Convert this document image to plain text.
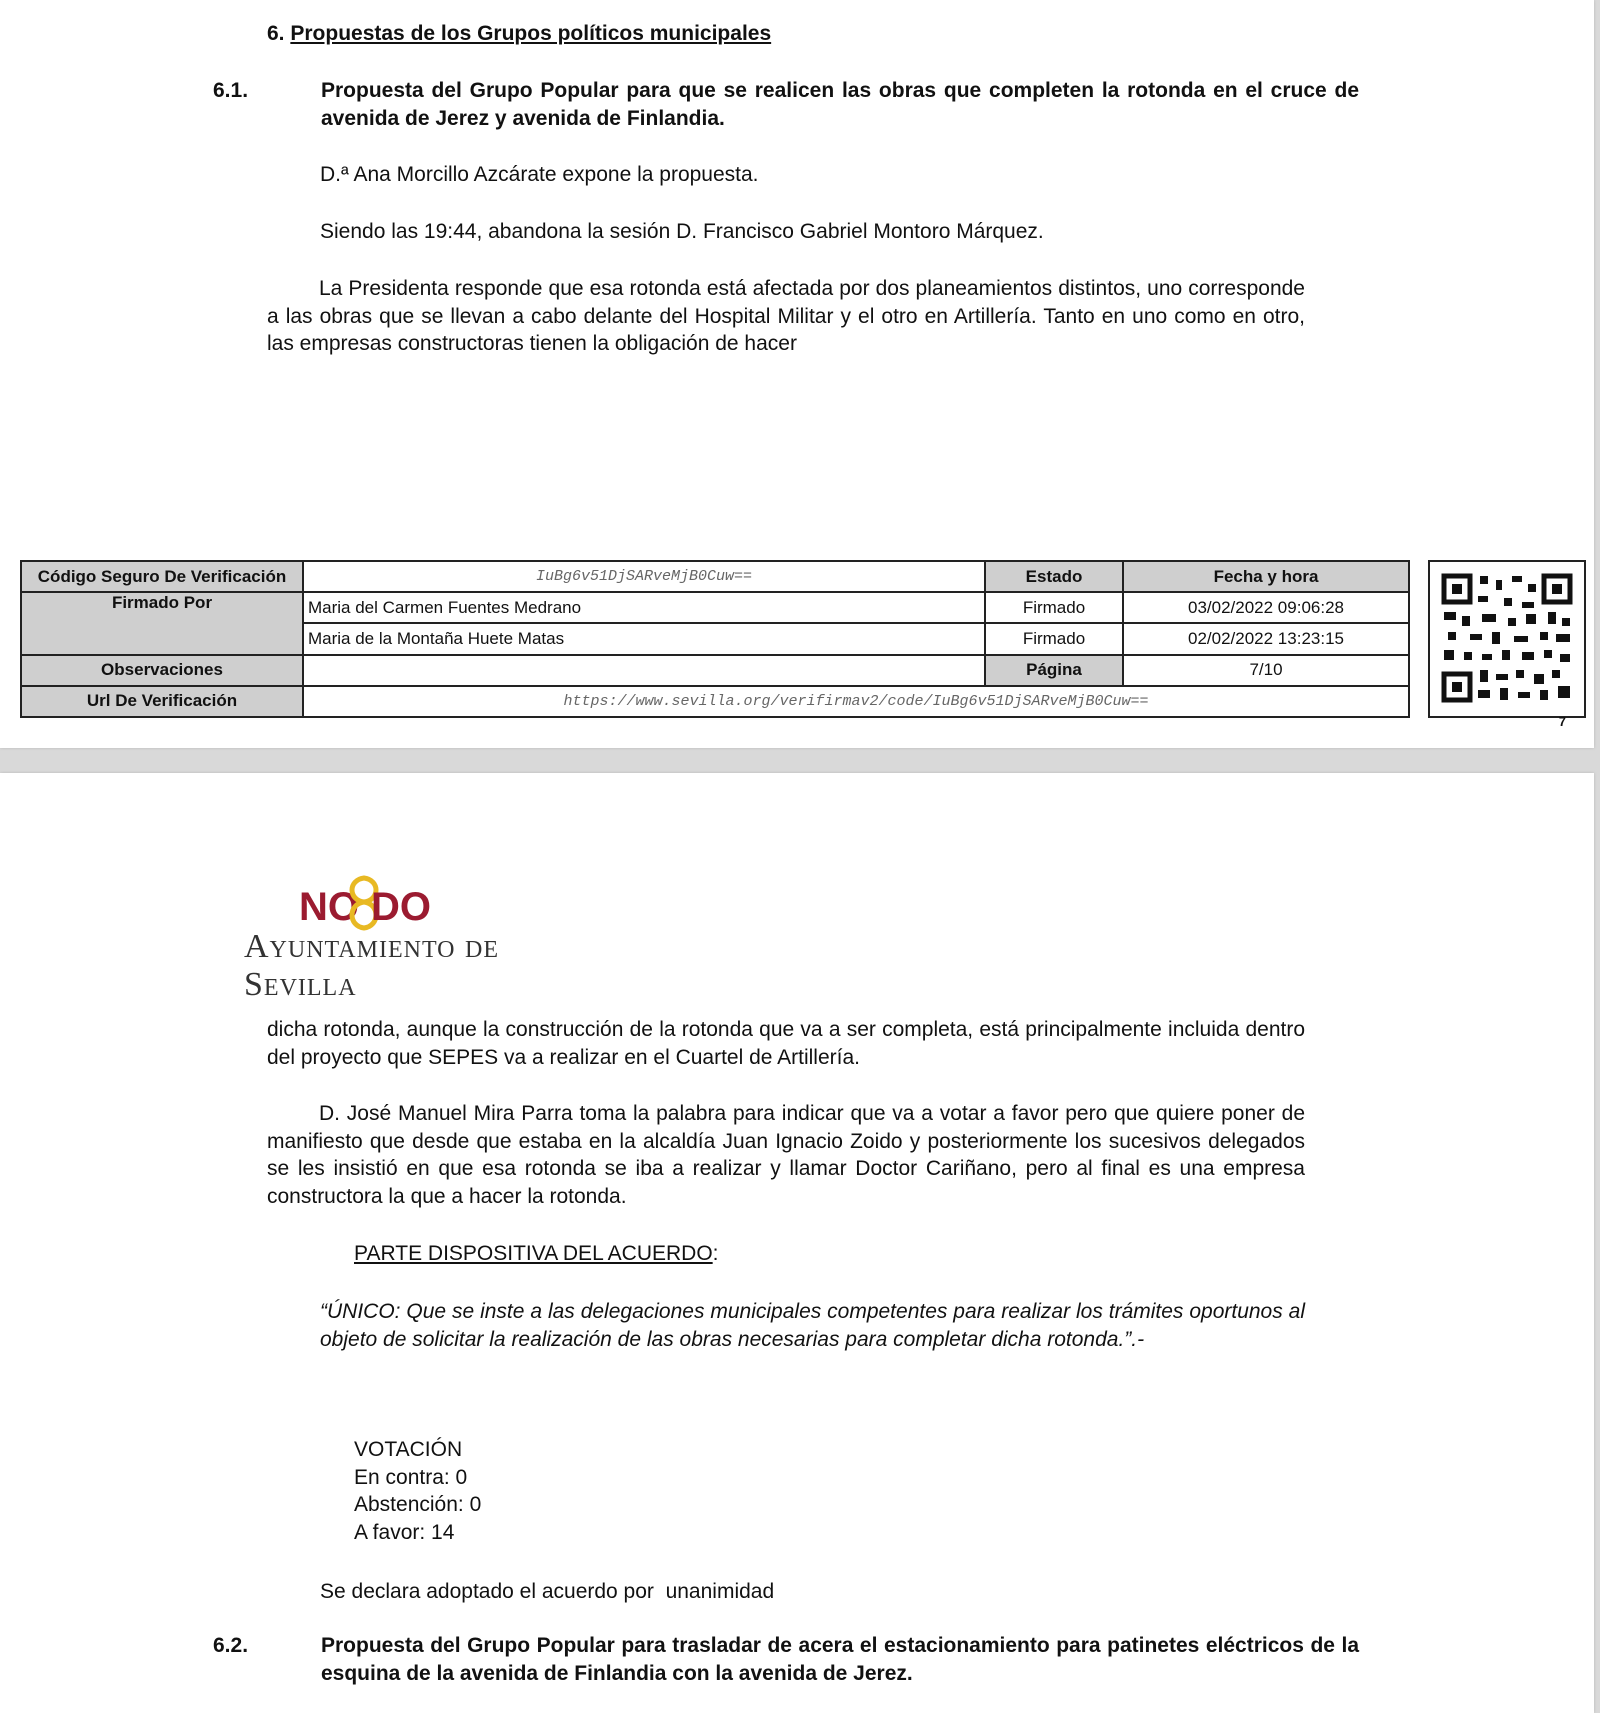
6. Propuestas de los Grupos políticos municipales
6.1.	Propuesta del Grupo Popular para que se realicen las obras que completen la rotonda en el cruce de avenida de Jerez y avenida de Finlandia.
D.ª Ana Morcillo Azcárate expone la propuesta.
Siendo las 19:44, abandona la sesión D. Francisco Gabriel Montoro Márquez.
La Presidenta responde que esa rotonda está afectada por dos planeamientos distintos, uno corresponde a las obras que se llevan a cabo delante del Hospital Militar y el otro en Artillería. Tanto en uno como en otro, las empresas constructoras tienen la obligación de hacer
Código Seguro De Verificación	IuBg6v51DjSARveMjB0Cuw==	Estado	Fecha y hora
Firmado Por	Maria del Carmen Fuentes Medrano	Firmado	03/02/2022 09:06:28
	Maria de la Montaña Huete Matas	Firmado	02/02/2022 13:23:15
Observaciones		Página	7/10
Url De Verificación	https://www.sevilla.org/verifirmav2/code/IuBg6v51DjSARveMjB0Cuw==		
7
NO DO
Ayuntamiento de Sevilla
dicha rotonda, aunque la construcción de la rotonda que va a ser completa, está principalmente incluida dentro del proyecto que SEPES va a realizar en el Cuartel de Artillería.
D. José Manuel Mira Parra toma la palabra para indicar que va a votar a favor pero que quiere poner de manifiesto que desde que estaba en la alcaldía Juan Ignacio Zoido y posteriormente los sucesivos delegados se les insistió en que esa rotonda se iba a realizar y llamar Doctor Cariñano, pero al final es una empresa constructora la que a hacer la rotonda.
PARTE DISPOSITIVA DEL ACUERDO:
“ÚNICO: Que se inste a las delegaciones municipales competentes para realizar los trámites oportunos al objeto de solicitar la realización de las obras necesarias para completar dicha rotonda.”.-
VOTACIÓN
En contra: 0
Abstención: 0
A favor: 14
Se declara adoptado el acuerdo por  unanimidad
6.2.	Propuesta del Grupo Popular para trasladar de acera el estacionamiento para patinetes eléctricos de la esquina de la avenida de Finlandia con la avenida de Jerez.
